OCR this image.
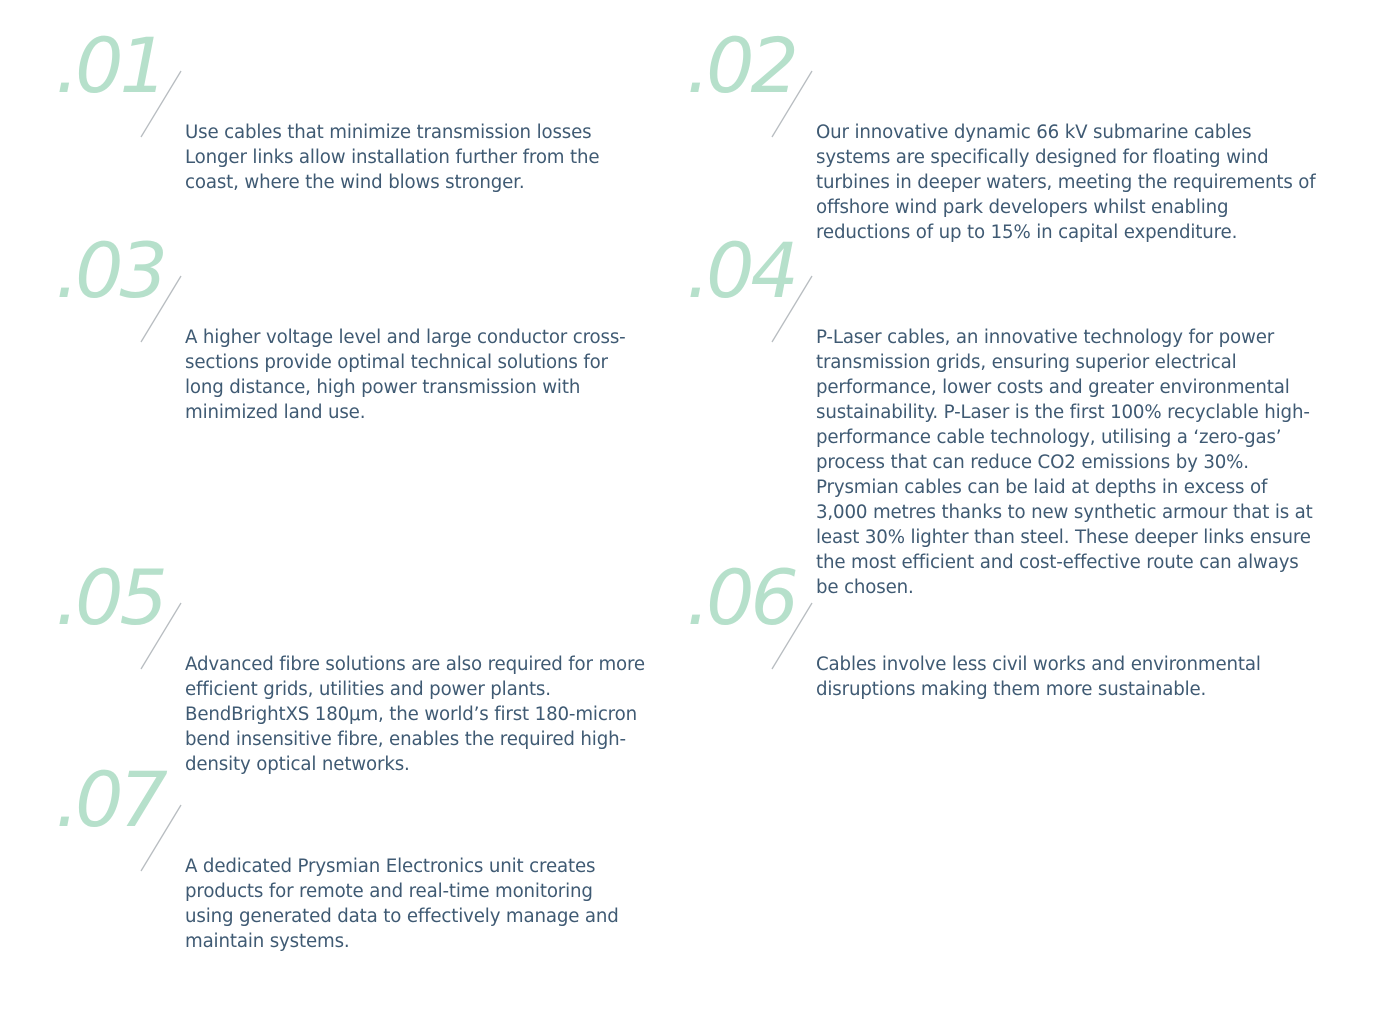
.01

Use cables that minimize transmission losses Longer links allow installation further from the coast, where the wind blows stronger.

.02

Our innovative dynamic 66 kV submarine cables systems are specifically designed for floating wind turbines in deeper waters, meeting the requirements of offshore wind park developers whilst enabling reductions of up to 15% in capital expenditure.

.03

A higher voltage level and large conductor cross-sections provide optimal technical solutions for long distance, high power transmission with minimized land use.

.04

P-Laser cables, an innovative technology for power transmission grids, ensuring superior electrical performance, lower costs and greater environmental sustainability. P-Laser is the first 100% recyclable high-performance cable technology, utilising a ‘zero-gas’ process that can reduce CO2 emissions by 30%. Prysmian cables can be laid at depths in excess of 3,000 metres thanks to new synthetic armour that is at least 30% lighter than steel. These deeper links ensure the most efficient and cost-effective route can always be chosen.

.05

Advanced fibre solutions are also required for more efficient grids, utilities and power plants. BendBrightXS 180μm, the world’s first 180-micron bend insensitive fibre, enables the required high-density optical networks.

.06

Cables involve less civil works and environmental disruptions making them more sustainable.

.07

A dedicated Prysmian Electronics unit creates products for remote and real-time monitoring using generated data to effectively manage and maintain systems.
